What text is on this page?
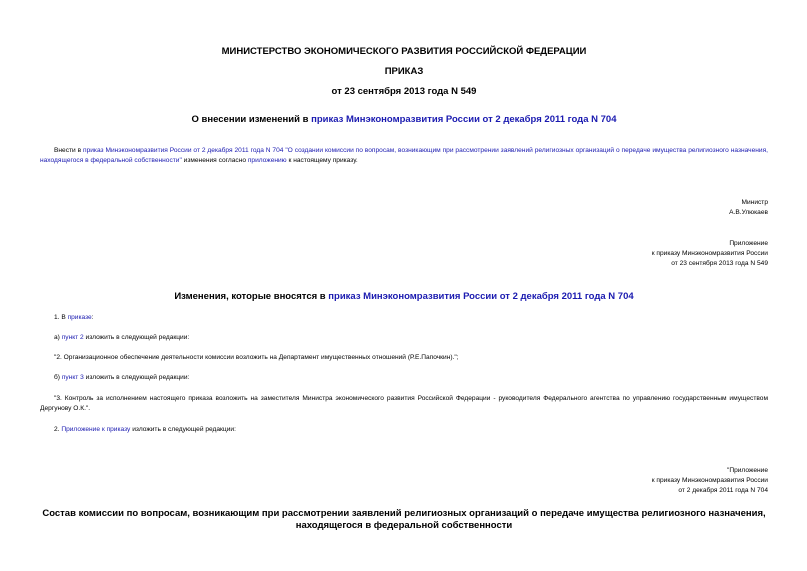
МИНИСТЕРСТВО ЭКОНОМИЧЕСКОГО РАЗВИТИЯ РОССИЙСКОЙ ФЕДЕРАЦИИ
ПРИКАЗ
от 23 сентября 2013 года N 549
О внесении изменений в приказ Минэкономразвития России от 2 декабря 2011 года N 704
Внести в приказ Минэкономразвития России от 2 декабря 2011 года N 704 "О создании комиссии по вопросам, возникающим при рассмотрении заявлений религиозных организаций о передаче имущества религиозного назначения, находящегося в федеральной собственности" изменения согласно приложению к настоящему приказу.
Министр
А.В.Улюкаев
Приложение
к приказу Минэкономразвития России
от 23 сентября 2013 года N 549
Изменения, которые вносятся в приказ Минэкономразвития России от 2 декабря 2011 года N 704
1. В приказе:
а) пункт 2 изложить в следующей редакции:
"2. Организационное обеспечение деятельности комиссии возложить на Департамент имущественных отношений (Р.Е.Папочкин).";
б) пункт 3 изложить в следующей редакции:
"3. Контроль за исполнением настоящего приказа возложить на заместителя Министра экономического развития Российской Федерации - руководителя Федерального агентства по управлению государственным имуществом Дергунову О.К.".
2. Приложение к приказу изложить в следующей редакции:
"Приложение
к приказу Минэкономразвития России
от 2 декабря 2011 года N 704
Состав комиссии по вопросам, возникающим при рассмотрении заявлений религиозных организаций о передаче имущества религиозного назначения,
находящегося в федеральной собственности
